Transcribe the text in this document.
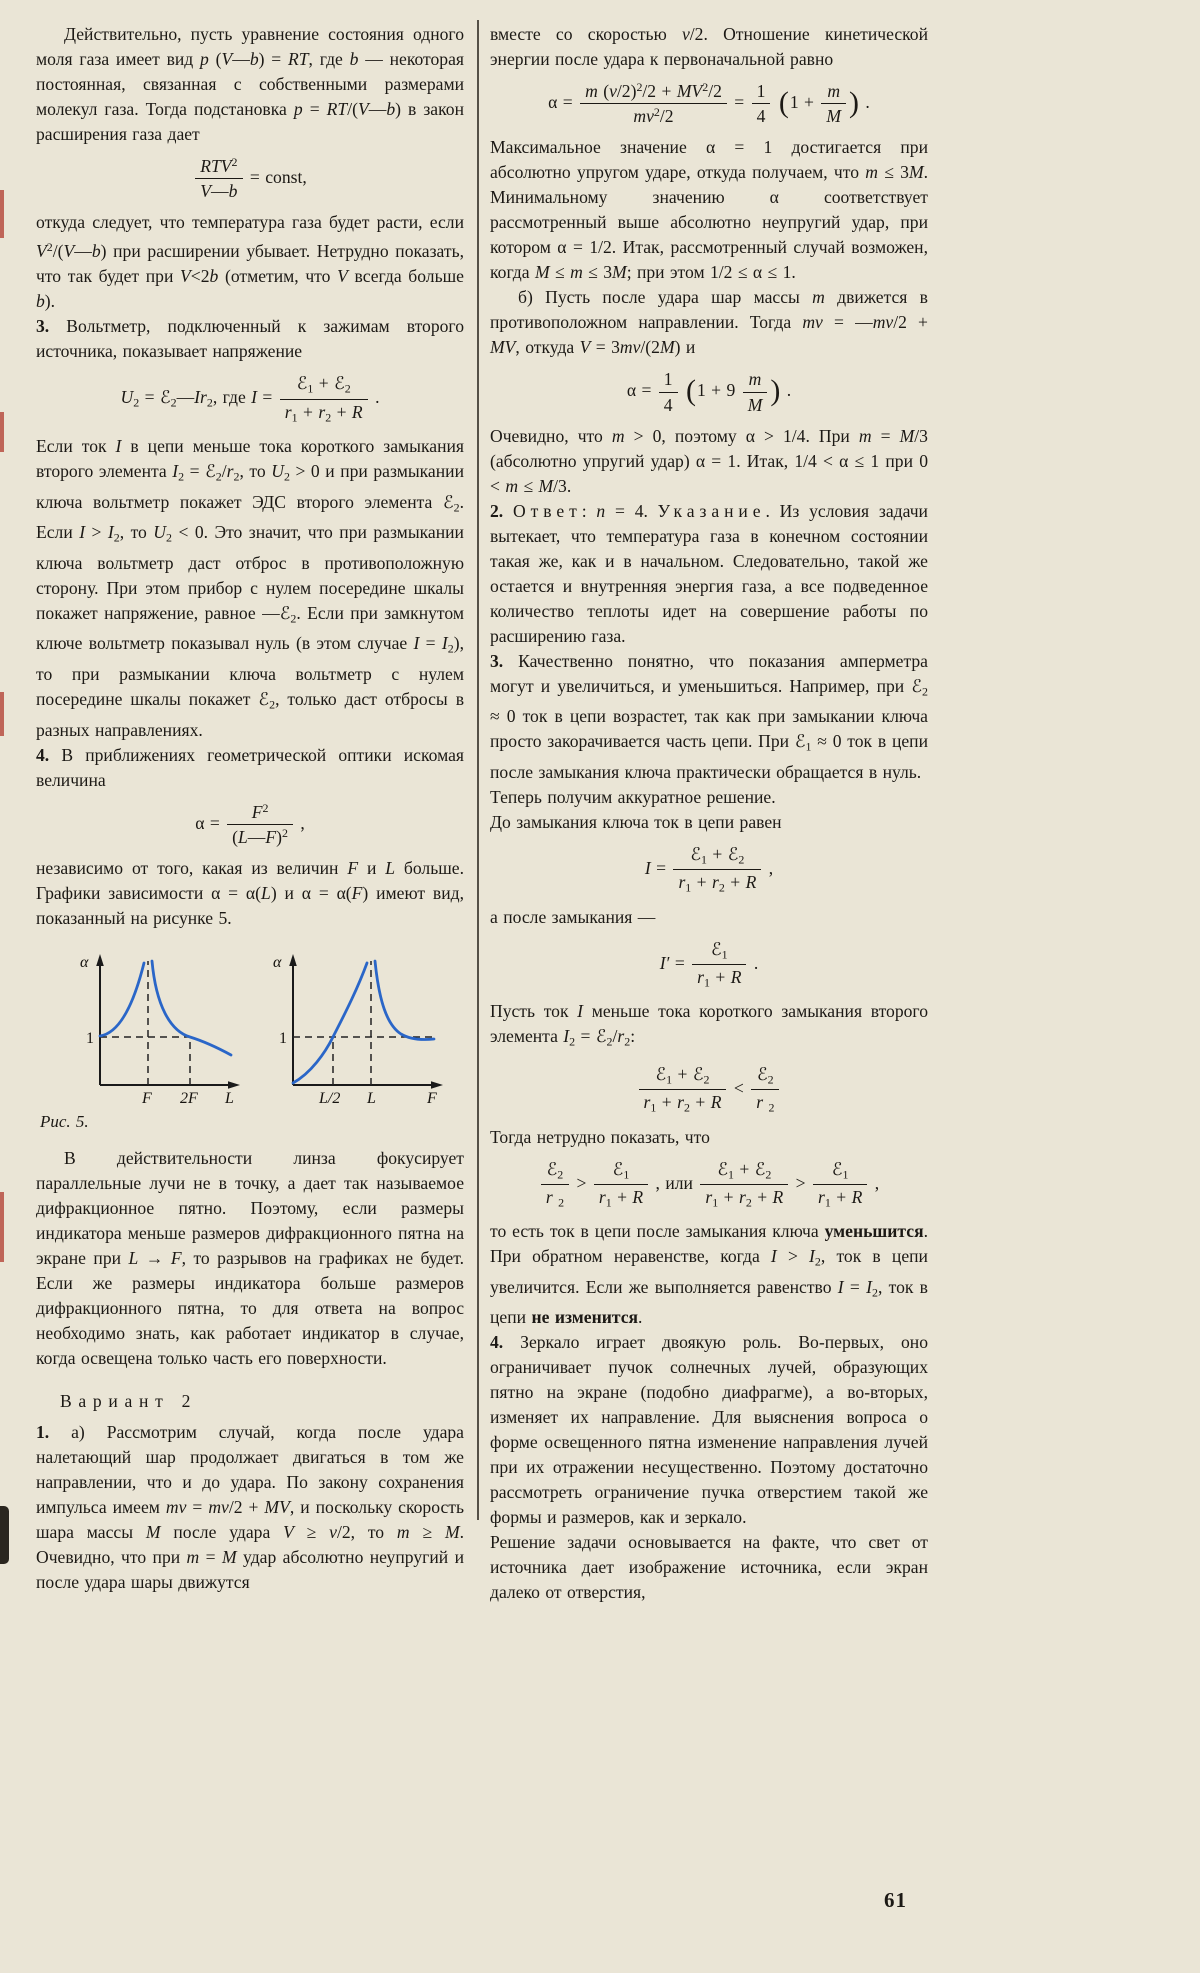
Действительно, пусть уравнение состояния одного моля газа имеет вид p (V—b) = RT, где b — некоторая постоянная, связанная с собственными размерами молекул газа. Тогда подстановка p = RT/(V—b) в закон расширения газа дает

$\frac{RTV^2}{V—b}$ = const,

откуда следует, что температура газа будет расти, если $V^2/(V—b)$ при расширении убывает. Нетрудно показать, что так будет при V<2b (отметим, что V всегда больше b).

3. Вольтметр, подключенный к зажимам второго источника, показывает напряжение

$U_2$ = $ℰ_2—Ir_2$, где $I = \frac{ℰ_1 + ℰ_2}{r_1 + r_2 + R}$ .

Если ток I в цепи меньше тока короткого замыкания второго элемента $I_2$ = $ℰ_2/r_2$, то $U_2 > 0$ и при размыкании ключа вольтметр покажет ЭДС второго элемента ℰ$_2$. Если $I > I_2$, то $U_2 < 0$. Это значит, что при размыкании ключа вольтметр даст отброс в противоположную сторону. При этом прибор с нулем посередине шкалы покажет напряжение, равное —ℰ$_2$. Если при замкнутом ключе вольтметр показывал нуль (в этом случае $I = I_2$), то при размыкании ключа вольтметр с нулем посередине шкалы покажет ℰ$_2$, только даст отбросы в разных направлениях.

4. В приближениях геометрической оптики искомая величина

$\alpha = \frac{F^2}{(L—F)^2}$ ,

независимо от того, какая из величин F и L больше. Графики зависимости α = α(L) и α = α(F) имеют вид, показанный на рисунке 5.

α
1
F 2F L
α
1
L/2 L	F
Рис. 5.

В действительности линза фокусирует параллельные лучи не в точку, а дает так называемое дифракционное пятно. Поэтому, если размеры индикатора меньше размеров дифракционного пятна на экране при L → F, то разрывов на графиках не будет. Если же размеры индикатора больше размеров дифракционного пятна, то для ответа на вопрос необходимо знать, как работает индикатор в случае, когда освещена только часть его поверхности.

Вариант 2

1. а) Рассмотрим случай, когда после удара налетающий шар продолжает двигаться в том же направлении, что и до удара. По закону сохранения импульса имеем mv = mv/2 + MV, и поскольку скорость шара массы M после удара V ≥ v/2, то m ≥ M. Очевидно, что при m = M удар абсолютно неупругий и после удара шары движутся

вместе со скоростью v/2. Отношение кинетической энергии после удара к первоначальной равно

$\alpha = \frac{m (v/2)^2/2 + MV^2/2}{mv^2/2} = \frac{1}{4} (1 + \frac{m}{M}$ ) .

Максимальное значение α = 1 достигается при абсолютно упругом ударе, откуда получаем, что m ≤ 3M. Минимальному значению α соответствует рассмотренный выше абсолютно неупругий удар, при котором α = 1/2. Итак, рассмотренный случай возможен, когда M ≤ m ≤ 3M; при этом 1/2 ≤ α ≤ 1.

б) Пусть после удара шар массы m движется в противоположном направлении. Тогда mv = —mv/2 + MV, откуда V = 3mv/(2M) и

$\alpha = \frac{1}{4} (1 + 9 \frac{m}{M}$ ) .

Очевидно, что m > 0, поэтому α > 1/4. При m = M/3 (абсолютно упругий удар) α = 1. Итак, 1/4 < α ≤ 1 при 0 < m ≤ M/3.

2. Ответ: n = 4. Указание. Из условия задачи вытекает, что температура газа в конечном состоянии такая же, как и в начальном. Следовательно, такой же остается и внутренняя энергия газа, а все подведенное количество теплоты идет на совершение работы по расширению газа.

3. Качественно понятно, что показания амперметра могут и увеличиться, и уменьшиться. Например, при ℰ$_2$ ≈ 0 ток в цепи возрастет, так как при замыкании ключа просто закорачивается часть цепи. При ℰ$_1$ ≈ 0 ток в цепи после замыкания ключа практически обращается в нуль.

Теперь получим аккуратное решение.

До замыкания ключа ток в цепи равен

$I = \frac{ℰ_1 + ℰ_2}{r_1 + r_2 + R}$ ,

а после замыкания —

$I' = \frac{ℰ_1}{r_1 + R}$ .

Пусть ток I меньше тока короткого замыкания второго элемента $I_2$ = $ℰ_2/r_2$:

$\frac{ℰ_1 + ℰ_2}{r_1 + r_2 + R} < \frac{ℰ_2}{r _2}$

Тогда нетрудно показать, что

$\frac{ℰ_2}{r _2} > \frac{ℰ_1}{r_1 + R}$ , или $\frac{ℰ_1 + ℰ_2}{r_1 + r_2 + R} > \frac{ℰ_1}{r_1 + R}$ ,

то есть ток в цепи после замыкания ключа уменьшится. При обратном неравенстве, когда $I > I_2$, ток в цепи увеличится. Если же выполняется равенство $I = I_2$, ток в цепи не изменится.

4. Зеркало играет двоякую роль. Во-первых, оно ограничивает пучок солнечных лучей, образующих пятно на экране (подобно диафрагме), а во-вторых, изменяет их направление. Для выяснения вопроса о форме освещенного пятна изменение направления лучей при их отражении несущественно. Поэтому достаточно рассмотреть ограничение пучка отверстием такой же формы и размеров, как и зеркало.

Решение задачи основывается на факте, что свет от источника дает изображение источника, если экран далеко от отверстия,

61
